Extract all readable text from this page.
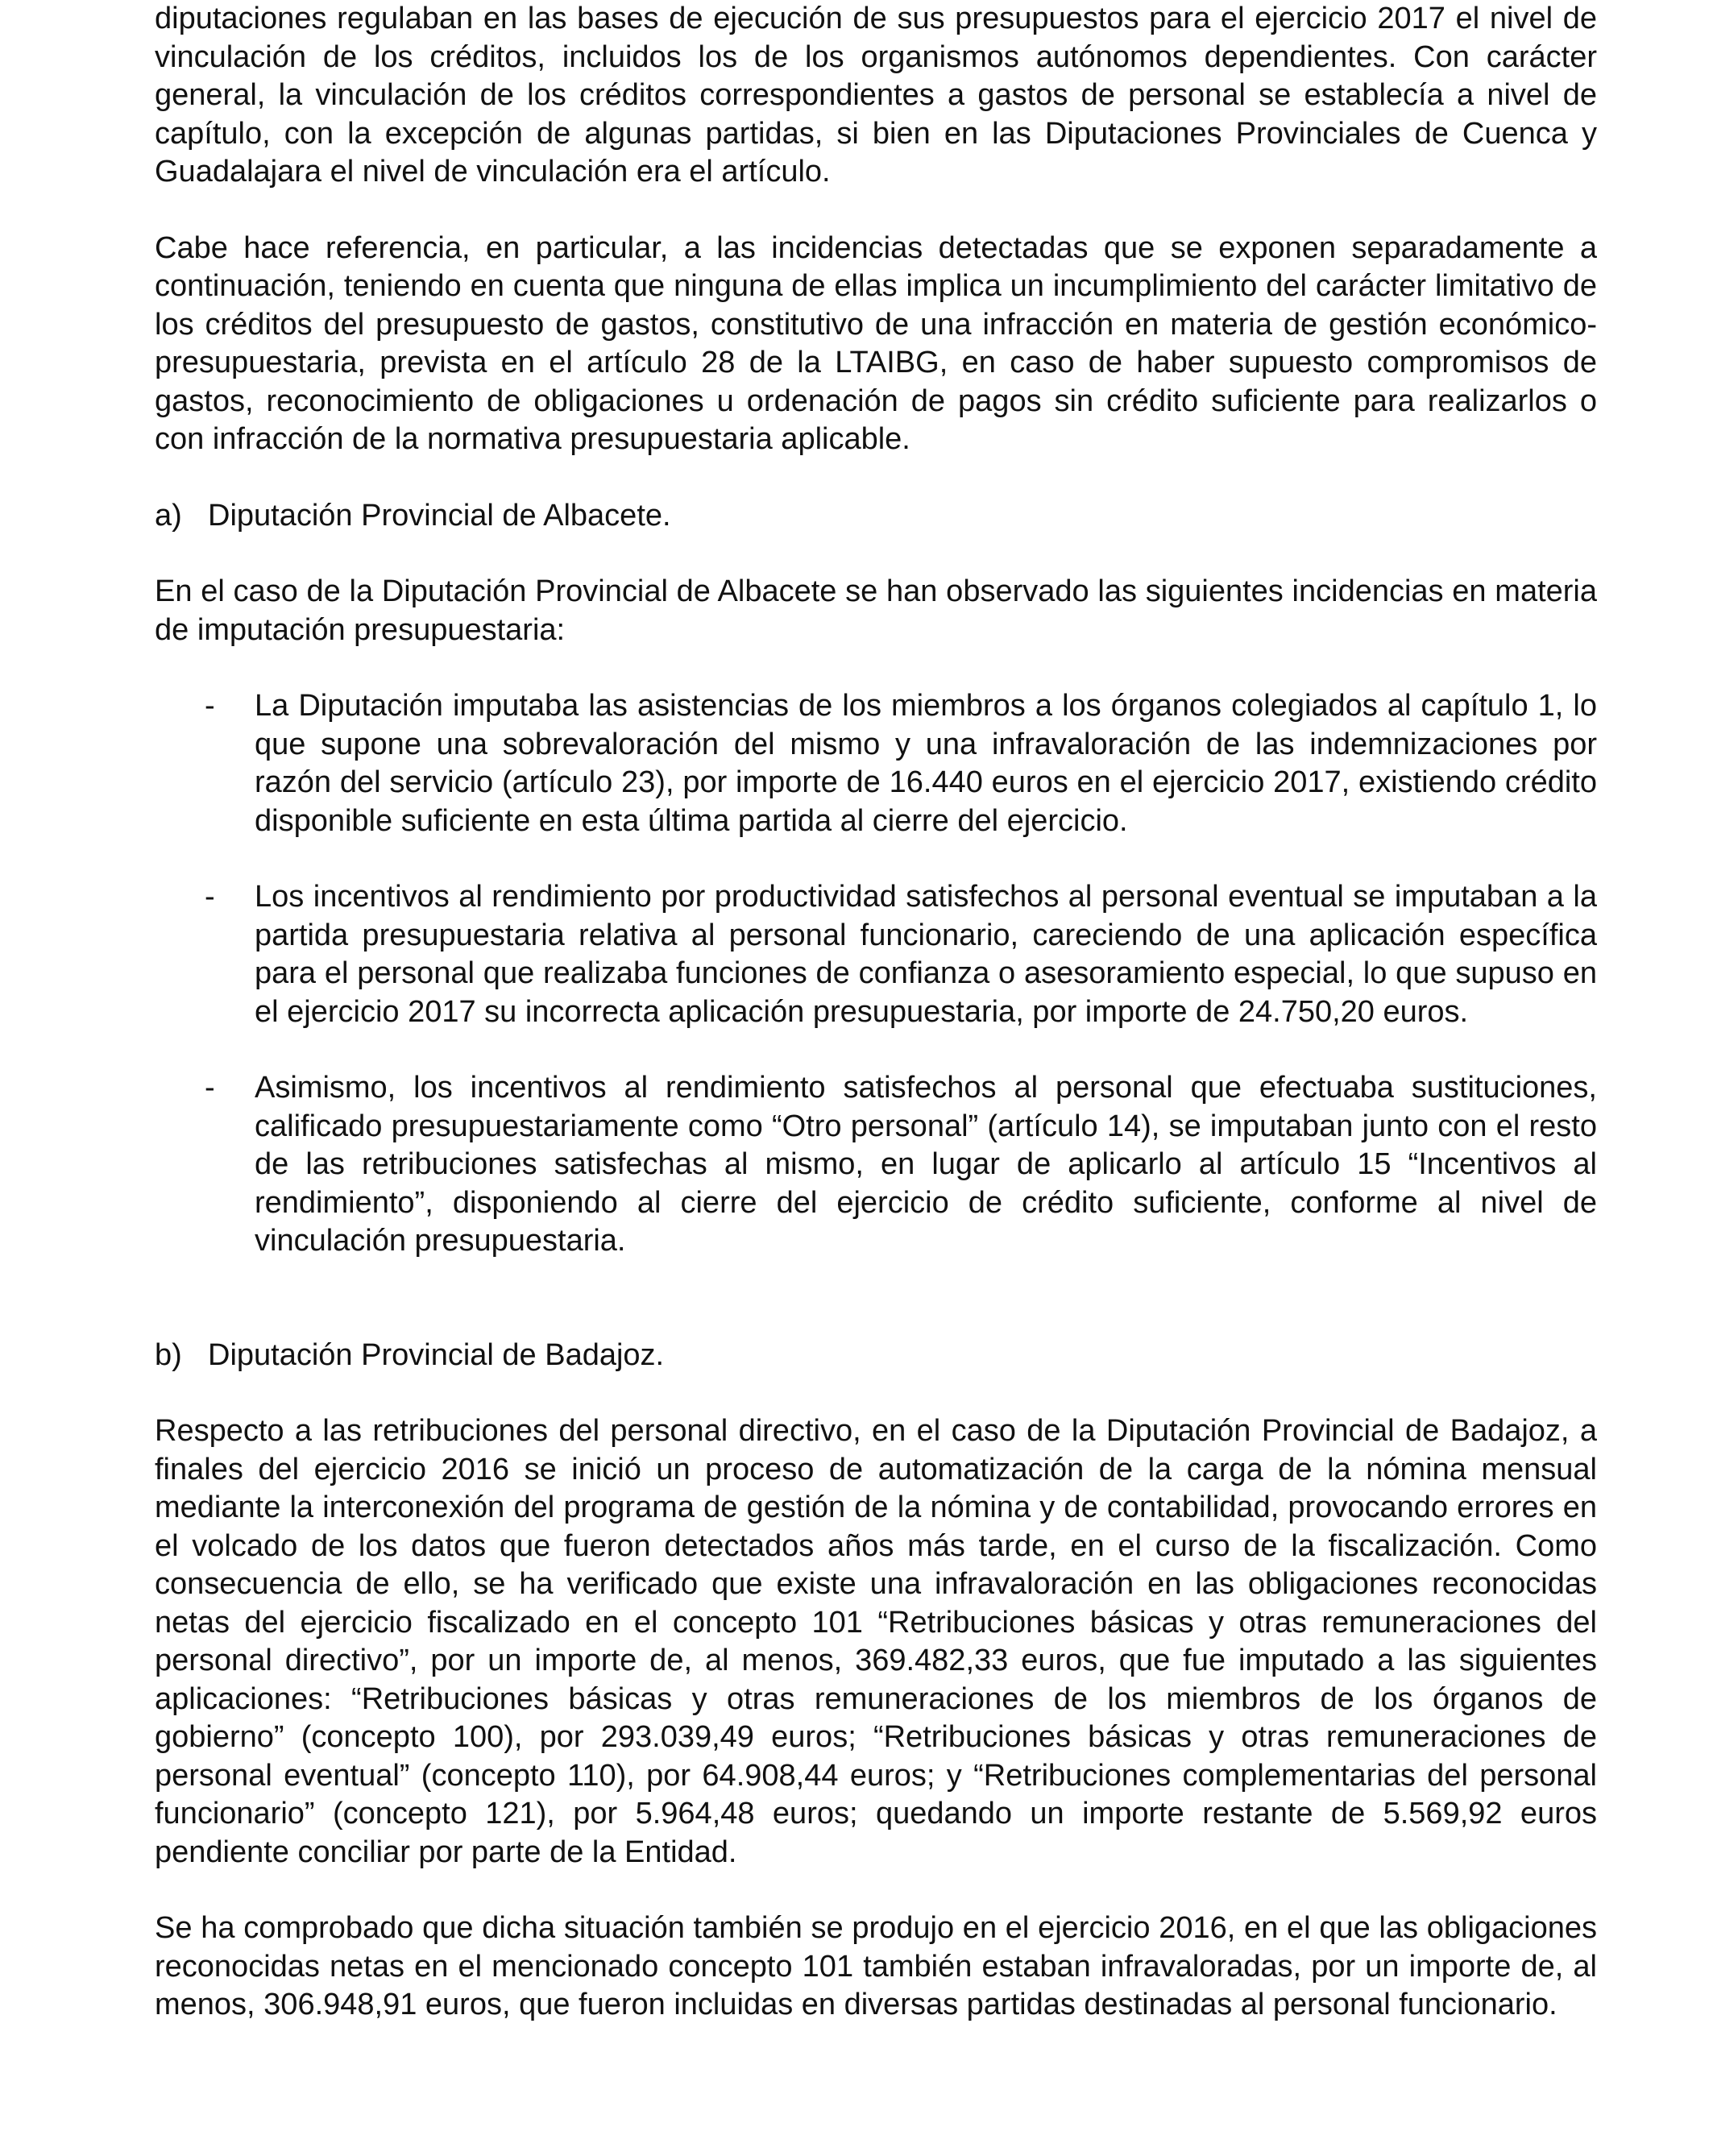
diputaciones regulaban en las bases de ejecución de sus presupuestos para el ejercicio 2017 el nivel de vinculación de los créditos, incluidos los de los organismos autónomos dependientes. Con carácter general, la vinculación de los créditos correspondientes a gastos de personal se establecía a nivel de capítulo, con la excepción de algunas partidas, si bien en las Diputaciones Provinciales de Cuenca y Guadalajara el nivel de vinculación era el artículo.

Cabe hace referencia, en particular, a las incidencias detectadas que se exponen separadamente a continuación, teniendo en cuenta que ninguna de ellas implica un incumplimiento del carácter limitativo de los créditos del presupuesto de gastos, constitutivo de una infracción en materia de gestión económico-presupuestaria, prevista en el artículo 28 de la LTAIBG, en caso de haber supuesto compromisos de gastos, reconocimiento de obligaciones u ordenación de pagos sin crédito suficiente para realizarlos o con infracción de la normativa presupuestaria aplicable.

a) Diputación Provincial de Albacete.

En el caso de la Diputación Provincial de Albacete se han observado las siguientes incidencias en materia de imputación presupuestaria:

-	La Diputación imputaba las asistencias de los miembros a los órganos colegiados al capítulo 1, lo que supone una sobrevaloración del mismo y una infravaloración de las indemnizaciones por razón del servicio (artículo 23), por importe de 16.440 euros en el ejercicio 2017, existiendo crédito disponible suficiente en esta última partida al cierre del ejercicio.
-	Los incentivos al rendimiento por productividad satisfechos al personal eventual se imputaban a la partida presupuestaria relativa al personal funcionario, careciendo de una aplicación específica para el personal que realizaba funciones de confianza o asesoramiento especial, lo que supuso en el ejercicio 2017 su incorrecta aplicación presupuestaria, por importe de 24.750,20 euros.
-	Asimismo, los incentivos al rendimiento satisfechos al personal que efectuaba sustituciones, calificado presupuestariamente como “Otro personal” (artículo 14), se imputaban junto con el resto de las retribuciones satisfechas al mismo, en lugar de aplicarlo al artículo 15 “Incentivos al rendimiento”, disponiendo al cierre del ejercicio de crédito suficiente, conforme al nivel de vinculación presupuestaria.
b) Diputación Provincial de Badajoz.

Respecto a las retribuciones del personal directivo, en el caso de la Diputación Provincial de Badajoz, a finales del ejercicio 2016 se inició un proceso de automatización de la carga de la nómina mensual mediante la interconexión del programa de gestión de la nómina y de contabilidad, provocando errores en el volcado de los datos que fueron detectados años más tarde, en el curso de la fiscalización. Como consecuencia de ello, se ha verificado que existe una infravaloración en las obligaciones reconocidas netas del ejercicio fiscalizado en el concepto 101 “Retribuciones básicas y otras remuneraciones del personal directivo”, por un importe de, al menos, 369.482,33 euros, que fue imputado a las siguientes aplicaciones: “Retribuciones básicas y otras remuneraciones de los miembros de los órganos de gobierno” (concepto 100), por 293.039,49 euros; “Retribuciones básicas y otras remuneraciones de personal eventual” (concepto 110), por 64.908,44 euros; y “Retribuciones complementarias del personal funcionario” (concepto 121), por 5.964,48 euros; quedando un importe restante de 5.569,92 euros pendiente conciliar por parte de la Entidad.

Se ha comprobado que dicha situación también se produjo en el ejercicio 2016, en el que las obligaciones reconocidas netas en el mencionado concepto 101 también estaban infravaloradas, por un importe de, al menos, 306.948,91 euros, que fueron incluidas en diversas partidas destinadas al personal funcionario.
